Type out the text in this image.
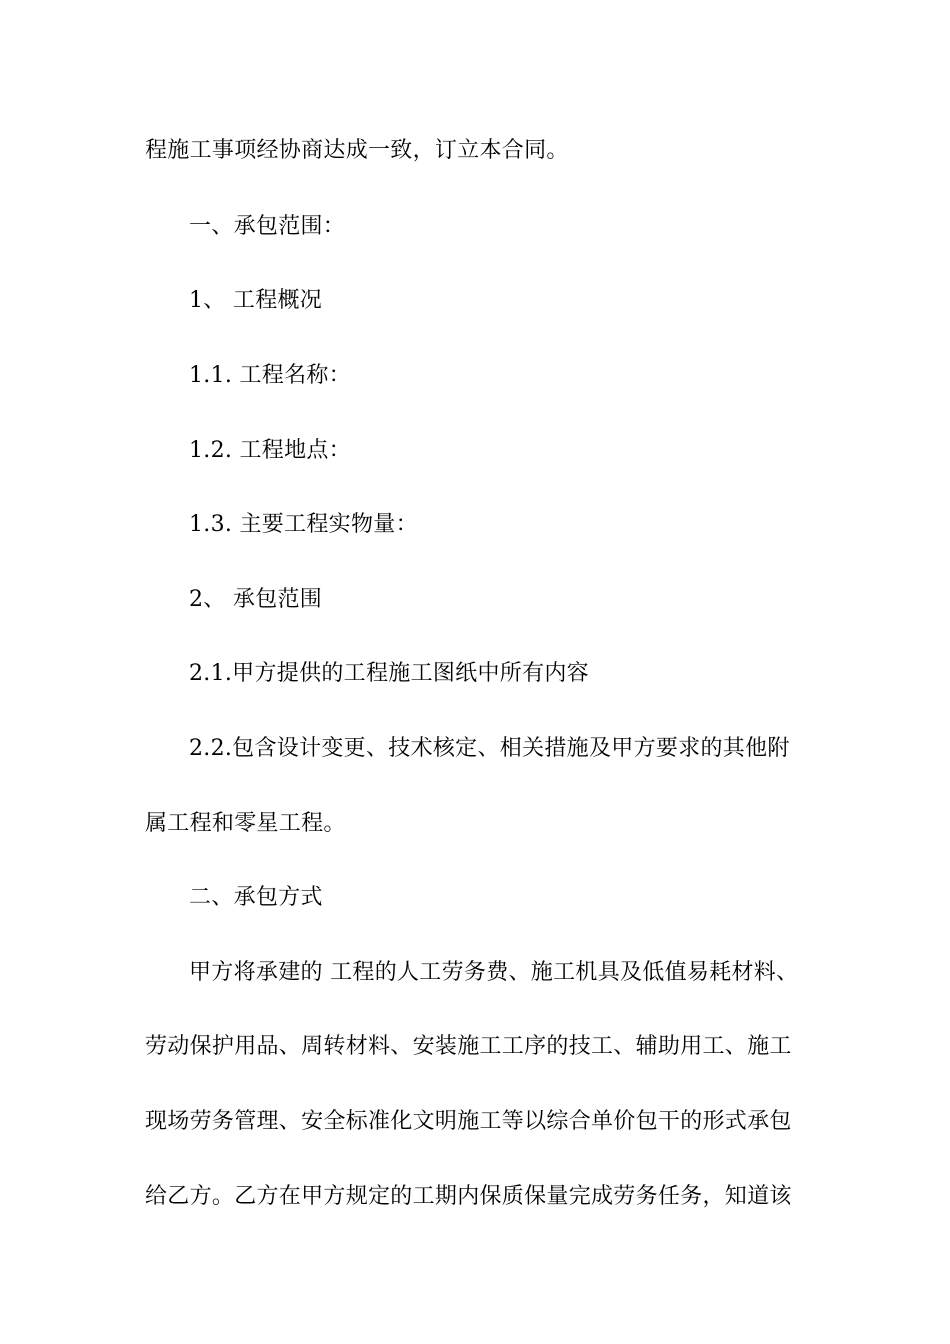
程施工事项经协商达成一致，订立本合同。
一、承包范围：
1、 工程概况
1.1. 工程名称：
1.2. 工程地点：
1.3. 主要工程实物量：
2、 承包范围
2.1.甲方提供的工程施工图纸中所有内容
2.2.包含设计变更、技术核定、相关措施及甲方要求的其他附
属工程和零星工程。
二、承包方式
甲方将承建的 工程的人工劳务费、施工机具及低值易耗材料、
劳动保护用品、周转材料、安装施工工序的技工、辅助用工、施工
现场劳务管理、安全标准化文明施工等以综合单价包干的形式承包
给乙方。乙方在甲方规定的工期内保质保量完成劳务任务，知道该
